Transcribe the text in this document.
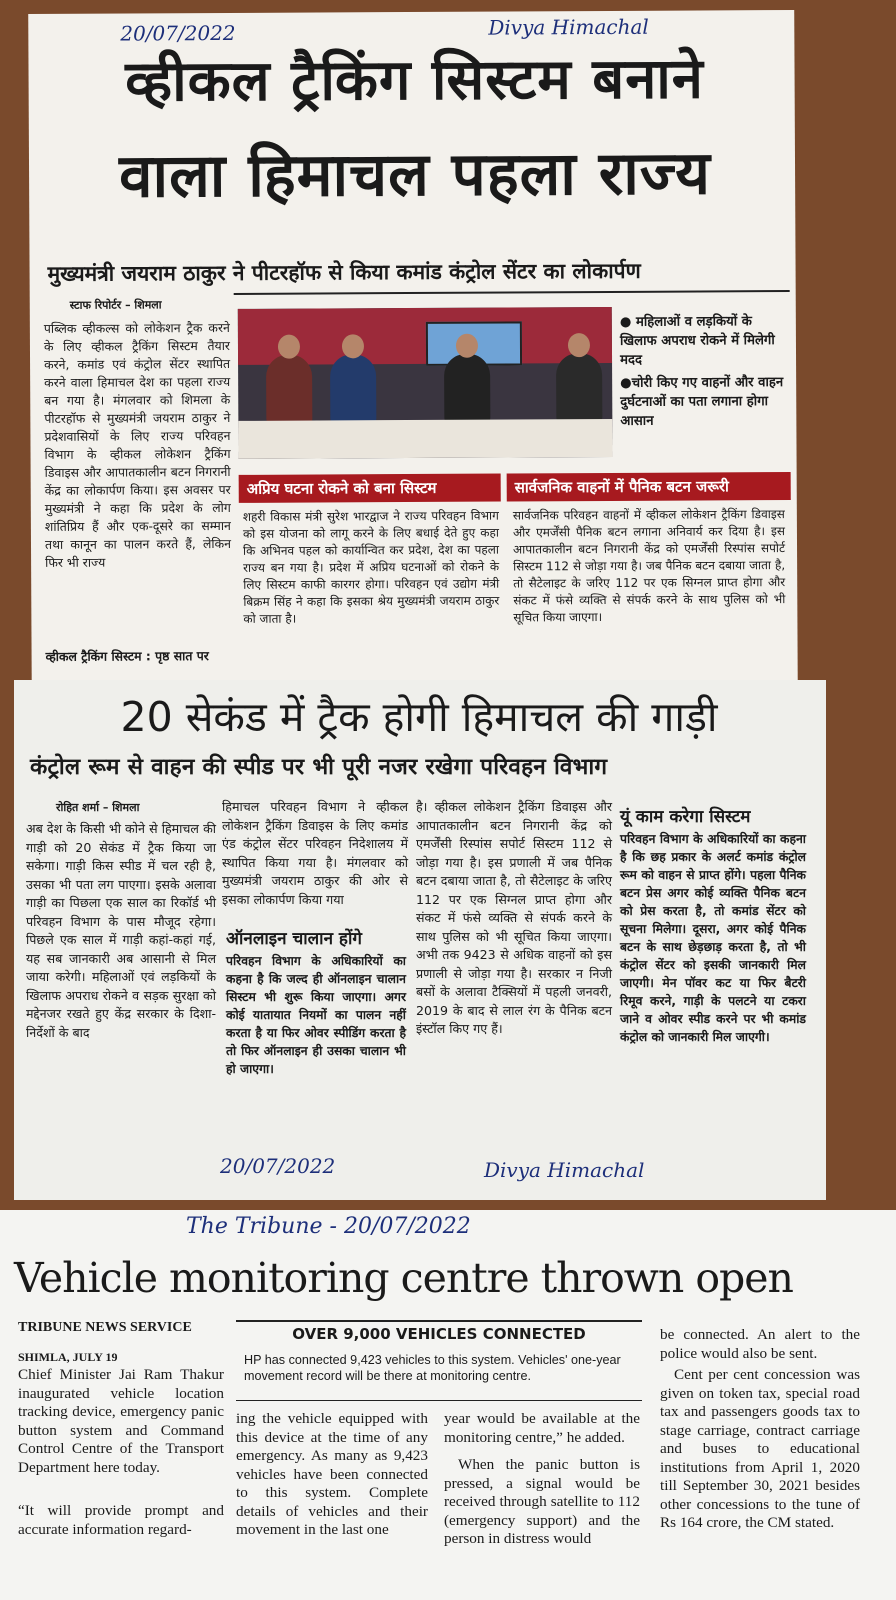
20/07/2022	Divya Himachal
व्हीकल ट्रैकिंग सिस्टम बनाने
वाला हिमाचल पहला राज्य
मुख्यमंत्री जयराम ठाकुर ने पीटरहॉफ से किया कमांड कंट्रोल सेंटर का लोकार्पण
स्टाफ रिपोर्टर – शिमला
पब्लिक व्हीकल्स को लोकेशन ट्रैक करने के लिए व्हीकल ट्रैकिंग सिस्टम तैयार करने, कमांड एवं कंट्रोल सेंटर स्थापित करने वाला हिमाचल देश का पहला राज्य बन गया है। मंगलवार को शिमला के पीटरहॉफ से मुख्यमंत्री जयराम ठाकुर ने प्रदेशवासियों के लिए राज्य परिवहन विभाग के व्हीकल लोकेशन ट्रैकिंग डिवाइस और आपातकालीन बटन निगरानी केंद्र का लोकार्पण किया। इस अवसर पर मुख्यमंत्री ने कहा कि प्रदेश के लोग शांतिप्रिय हैं और एक-दूसरे का सम्मान तथा कानून का पालन करते हैं, लेकिन फिर भी राज्य
व्हीकल ट्रैकिंग सिस्टम : पृष्ठ सात पर
● महिलाओं व लड़कियों के खिलाफ अपराध रोकने में मिलेगी मदद
●चोरी किए गए वाहनों और वाहन दुर्घटनाओं का पता लगाना होगा आसान
अप्रिय घटना रोकने को बना सिस्टम
शहरी विकास मंत्री सुरेश भारद्वाज ने राज्य परिवहन विभाग को इस योजना को लागू करने के लिए बधाई देते हुए कहा कि अभिनव पहल को कार्यान्वित कर प्रदेश, देश का पहला राज्य बन गया है। प्रदेश में अप्रिय घटनाओं को रोकने के लिए सिस्टम काफी कारगर होगा। परिवहन एवं उद्योग मंत्री बिक्रम सिंह ने कहा कि इसका श्रेय मुख्यमंत्री जयराम ठाकुर को जाता है।
सार्वजनिक वाहनों में पैनिक बटन जरूरी
सार्वजनिक परिवहन वाहनों में व्हीकल लोकेशन ट्रैकिंग डिवाइस और एमर्जेंसी पैनिक बटन लगाना अनिवार्य कर दिया है। इस आपातकालीन बटन निगरानी केंद्र को एमर्जेंसी रिस्पांस सपोर्ट सिस्टम 112 से जोड़ा गया है। जब पैनिक बटन दबाया जाता है, तो सैटेलाइट के जरिए 112 पर एक सिग्नल प्राप्त होगा और संकट में फंसे व्यक्ति से संपर्क करने के साथ पुलिस को भी सूचित किया जाएगा।
20 सेकंड में ट्रैक होगी हिमाचल की गाड़ी
कंट्रोल रूम से वाहन की स्पीड पर भी पूरी नजर रखेगा परिवहन विभाग
रोहित शर्मा – शिमला
अब देश के किसी भी कोने से हिमाचल की गाड़ी को 20 सेकंड में ट्रैक किया जा सकेगा। गाड़ी किस स्पीड में चल रही है, उसका भी पता लग पाएगा। इसके अलावा गाड़ी का पिछला एक साल का रिकॉर्ड भी परिवहन विभाग के पास मौजूद रहेगा। पिछले एक साल में गाड़ी कहां-कहां गई, यह सब जानकारी अब आसानी से मिल जाया करेगी। महिलाओं एवं लड़कियों के खिलाफ अपराध रोकने व सड़क सुरक्षा को मद्देनजर रखते हुए केंद्र सरकार के दिशा-निर्देशों के बाद
हिमाचल परिवहन विभाग ने व्हीकल लोकेशन ट्रैकिंग डिवाइस के लिए कमांड एंड कंट्रोल सेंटर परिवहन निदेशालय में स्थापित किया गया है। मंगलवार को मुख्यमंत्री जयराम ठाकुर की ओर से इसका लोकार्पण किया गया
ऑनलाइन चालान होंगे
परिवहन विभाग के अधिकारियों का कहना है कि जल्द ही ऑनलाइन चालान सिस्टम भी शुरू किया जाएगा। अगर कोई यातायात नियमों का पालन नहीं करता है या फिर ओवर स्पीडिंग करता है तो फिर ऑनलाइन ही उसका चालान भी हो जाएगा।
है। व्हीकल लोकेशन ट्रैकिंग डिवाइस और आपातकालीन बटन निगरानी केंद्र को एमर्जेंसी रिस्पांस सपोर्ट सिस्टम 112 से जोड़ा गया है। इस प्रणाली में जब पैनिक बटन दबाया जाता है, तो सैटेलाइट के जरिए 112 पर एक सिग्नल प्राप्त होगा और संकट में फंसे व्यक्ति से संपर्क करने के साथ पुलिस को भी सूचित किया जाएगा। अभी तक 9423 से अधिक वाहनों को इस प्रणाली से जोड़ा गया है। सरकार न निजी बसों के अलावा टैक्सियों में पहली जनवरी, 2019 के बाद से लाल रंग के पैनिक बटन इंस्टॉल किए गए हैं।
यूं काम करेगा सिस्टम
परिवहन विभाग के अधिकारियों का कहना है कि छह प्रकार के अलर्ट कमांड कंट्रोल रूम को वाहन से प्राप्त होंगे। पहला पैनिक बटन प्रेस अगर कोई व्यक्ति पैनिक बटन को प्रेस करता है, तो कमांड सेंटर को सूचना मिलेगा। दूसरा, अगर कोई पैनिक बटन के साथ छेड़छाड़ करता है, तो भी कंट्रोल सेंटर को इसकी जानकारी मिल जाएगी। मेन पॉवर कट या फिर बैटरी रिमूव करने, गाड़ी के पलटने या टकरा जाने व ओवर स्पीड करने पर भी कमांड कंट्रोल को जानकारी मिल जाएगी।
20/07/2022	Divya Himachal
The Tribune - 20/07/2022
Vehicle monitoring centre thrown open
TRIBUNE NEWS SERVICE
SHIMLA, JULY 19
Chief Minister Jai Ram Thakur inaugurated vehicle location tracking device, emergency panic button system and Command Control Centre of the Transport Department here today.
“It will provide prompt and accurate information regard-
OVER 9,000 VEHICLES CONNECTED
HP has connected 9,423 vehicles to this system. Vehicles' one-year movement record will be there at monitoring centre.
ing the vehicle equipped with this device at the time of any emergency. As many as 9,423 vehicles have been connected to this system. Complete details of vehicles and their movement in the last one
year would be available at the monitoring centre,” he added.
When the panic button is pressed, a signal would be received through satellite to 112 (emergency support) and the person in distress would
be connected. An alert to the police would also be sent.
Cent per cent concession was given on token tax, special road tax and passengers goods tax to stage carriage, contract carriage and buses to educational institutions from April 1, 2020 till September 30, 2021 besides other concessions to the tune of Rs 164 crore, the CM stated.
